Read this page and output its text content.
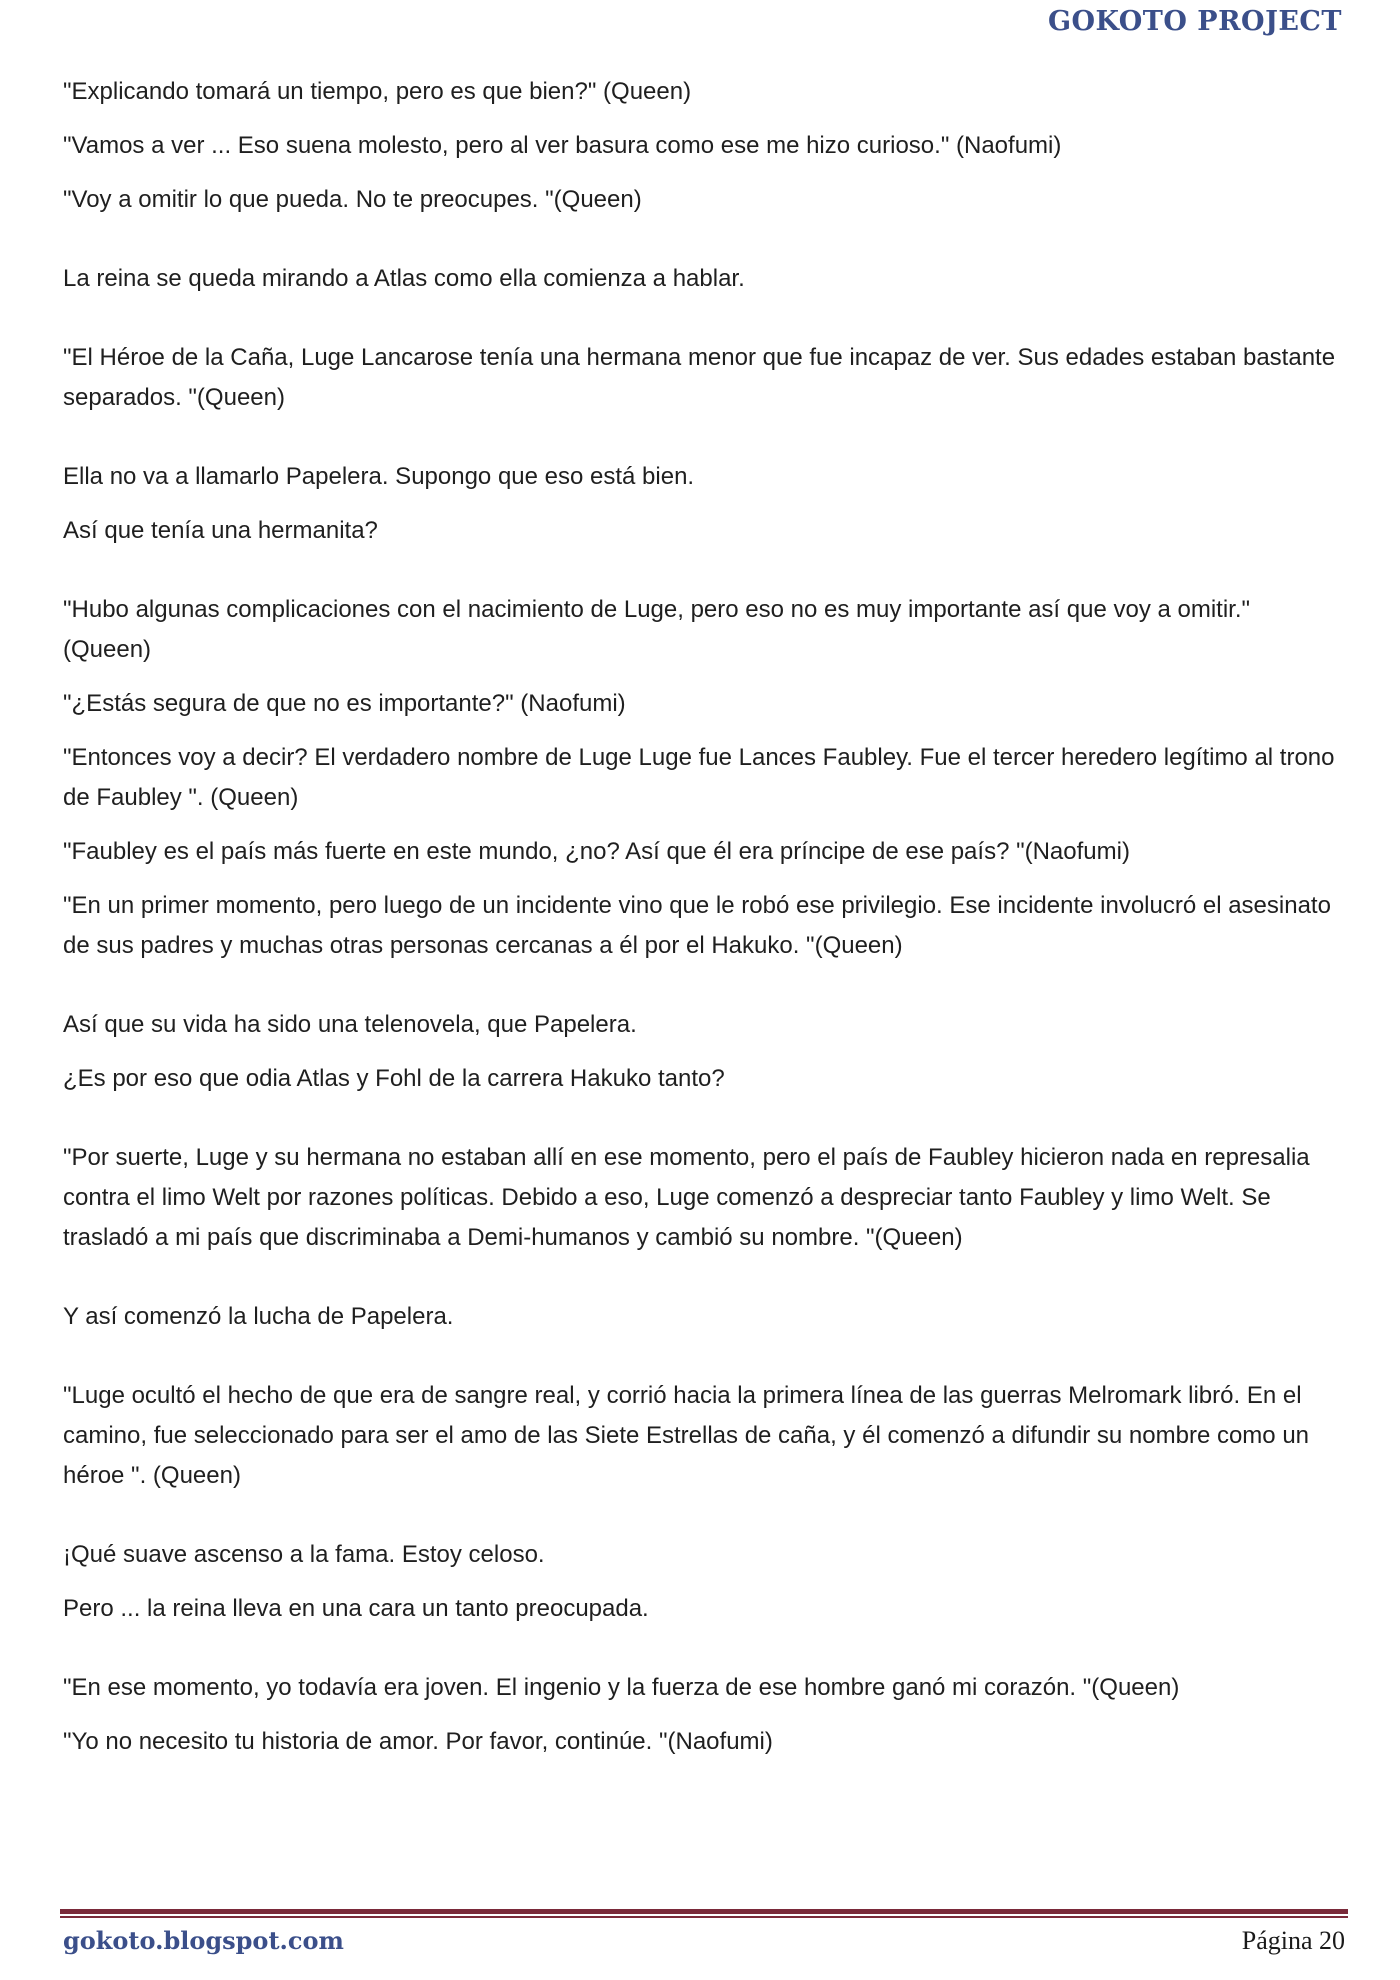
GOKOTO PROJECT

"Explicando tomará un tiempo, pero es que bien?" (Queen)

"Vamos a ver ... Eso suena molesto, pero al ver basura como ese me hizo curioso." (Naofumi)

"Voy a omitir lo que pueda. No te preocupes. "(Queen)

La reina se queda mirando a Atlas como ella comienza a hablar.

"El Héroe de la Caña, Luge Lancarose tenía una hermana menor que fue incapaz de ver. Sus edades estaban bastante separados. "(Queen)

Ella no va a llamarlo Papelera. Supongo que eso está bien.

Así que tenía una hermanita?

"Hubo algunas complicaciones con el nacimiento de Luge, pero eso no es muy importante así que voy a omitir." (Queen)

"¿Estás segura de que no es importante?" (Naofumi)

"Entonces voy a decir? El verdadero nombre de Luge Luge fue Lances Faubley. Fue el tercer heredero legítimo al trono de Faubley ". (Queen)

"Faubley es el país más fuerte en este mundo, ¿no? Así que él era príncipe de ese país? "(Naofumi)

"En un primer momento, pero luego de un incidente vino que le robó ese privilegio. Ese incidente involucró el asesinato de sus padres y muchas otras personas cercanas a él por el Hakuko. "(Queen)

Así que su vida ha sido una telenovela, que Papelera.

¿Es por eso que odia Atlas y Fohl de la carrera Hakuko tanto?

"Por suerte, Luge y su hermana no estaban allí en ese momento, pero el país de Faubley hicieron nada en represalia contra el limo Welt por razones políticas. Debido a eso, Luge comenzó a despreciar tanto Faubley y limo Welt. Se trasladó a mi país que discriminaba a Demi-humanos y cambió su nombre. "(Queen)

Y así comenzó la lucha de Papelera.

"Luge ocultó el hecho de que era de sangre real, y corrió hacia la primera línea de las guerras Melromark libró. En el camino, fue seleccionado para ser el amo de las Siete Estrellas de caña, y él comenzó a difundir su nombre como un héroe ". (Queen)

¡Qué suave ascenso a la fama. Estoy celoso.

Pero ... la reina lleva en una cara un tanto preocupada.

"En ese momento, yo todavía era joven. El ingenio y la fuerza de ese hombre ganó mi corazón. "(Queen)

"Yo no necesito tu historia de amor. Por favor, continúe. "(Naofumi)

gokoto.blogspot.com	Página 20
